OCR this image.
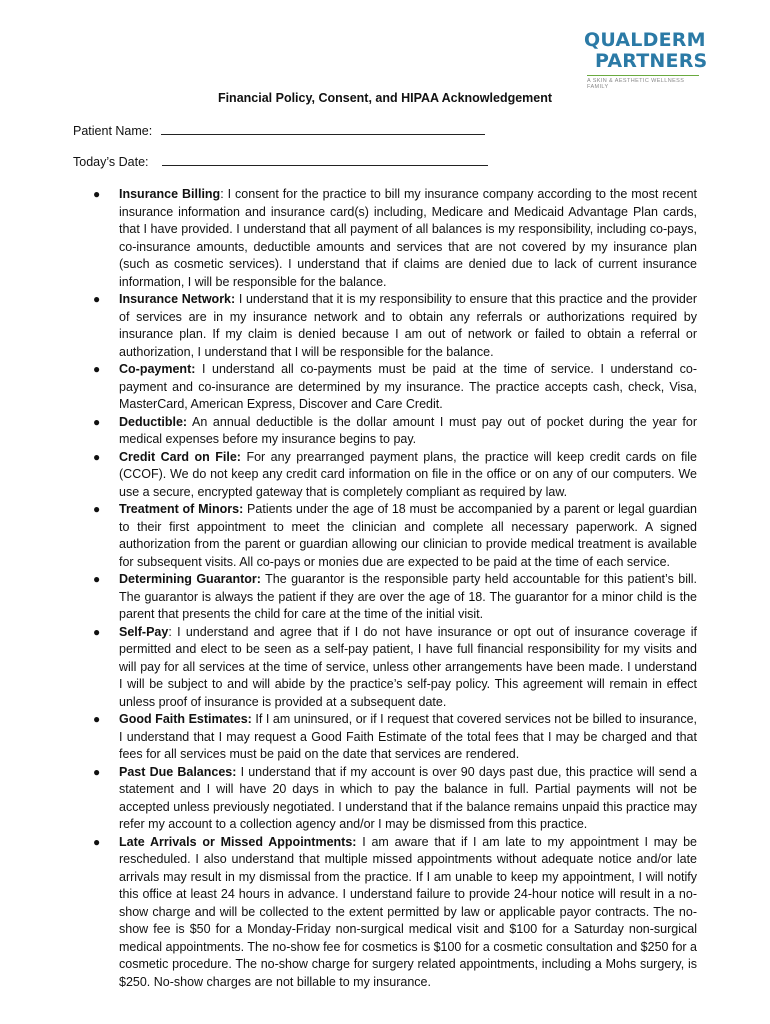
QUALDERM
PARTNERS
A SKIN & AESTHETIC WELLNESS FAMILY
Financial Policy, Consent, and HIPAA Acknowledgement
Patient Name:
Today’s Date:
● Insurance Billing: I consent for the practice to bill my insurance company according to the most recent insurance information and insurance card(s) including, Medicare and Medicaid Advantage Plan cards, that I have provided. I understand that all payment of all balances is my responsibility, including co-pays, co-insurance amounts, deductible amounts and services that are not covered by my insurance plan (such as cosmetic services). I understand that if claims are denied due to lack of current insurance information, I will be responsible for the balance.
● Insurance Network: I understand that it is my responsibility to ensure that this practice and the provider of services are in my insurance network and to obtain any referrals or authorizations required by insurance plan. If my claim is denied because I am out of network or failed to obtain a referral or authorization, I understand that I will be responsible for the balance.
● Co-payment: I understand all co-payments must be paid at the time of service. I understand co-payment and co-insurance are determined by my insurance. The practice accepts cash, check, Visa, MasterCard, American Express, Discover and Care Credit.
● Deductible: An annual deductible is the dollar amount I must pay out of pocket during the year for medical expenses before my insurance begins to pay.
● Credit Card on File: For any prearranged payment plans, the practice will keep credit cards on file (CCOF). We do not keep any credit card information on file in the office or on any of our computers. We use a secure, encrypted gateway that is completely compliant as required by law.
● Treatment of Minors: Patients under the age of 18 must be accompanied by a parent or legal guardian to their first appointment to meet the clinician and complete all necessary paperwork. A signed authorization from the parent or guardian allowing our clinician to provide medical treatment is available for subsequent visits. All co-pays or monies due are expected to be paid at the time of each service.
● Determining Guarantor: The guarantor is the responsible party held accountable for this patient’s bill. The guarantor is always the patient if they are over the age of 18. The guarantor for a minor child is the parent that presents the child for care at the time of the initial visit.
● Self-Pay: I understand and agree that if I do not have insurance or opt out of insurance coverage if permitted and elect to be seen as a self-pay patient, I have full financial responsibility for my visits and will pay for all services at the time of service, unless other arrangements have been made. I understand I will be subject to and will abide by the practice’s self-pay policy. This agreement will remain in effect unless proof of insurance is provided at a subsequent date.
● Good Faith Estimates: If I am uninsured, or if I request that covered services not be billed to insurance, I understand that I may request a Good Faith Estimate of the total fees that I may be charged and that fees for all services must be paid on the date that services are rendered.
● Past Due Balances: I understand that if my account is over 90 days past due, this practice will send a statement and I will have 20 days in which to pay the balance in full. Partial payments will not be accepted unless previously negotiated. I understand that if the balance remains unpaid this practice may refer my account to a collection agency and/or I may be dismissed from this practice.
● Late Arrivals or Missed Appointments: I am aware that if I am late to my appointment I may be rescheduled. I also understand that multiple missed appointments without adequate notice and/or late arrivals may result in my dismissal from the practice. If I am unable to keep my appointment, I will notify this office at least 24 hours in advance. I understand failure to provide 24-hour notice will result in a no-show charge and will be collected to the extent permitted by law or applicable payor contracts. The no-show fee is $50 for a Monday-Friday non-surgical medical visit and $100 for a Saturday non-surgical medical appointments. The no-show fee for cosmetics is $100 for a cosmetic consultation and $250 for a cosmetic procedure. The no-show charge for surgery related appointments, including a Mohs surgery, is $250. No-show charges are not billable to my insurance.
